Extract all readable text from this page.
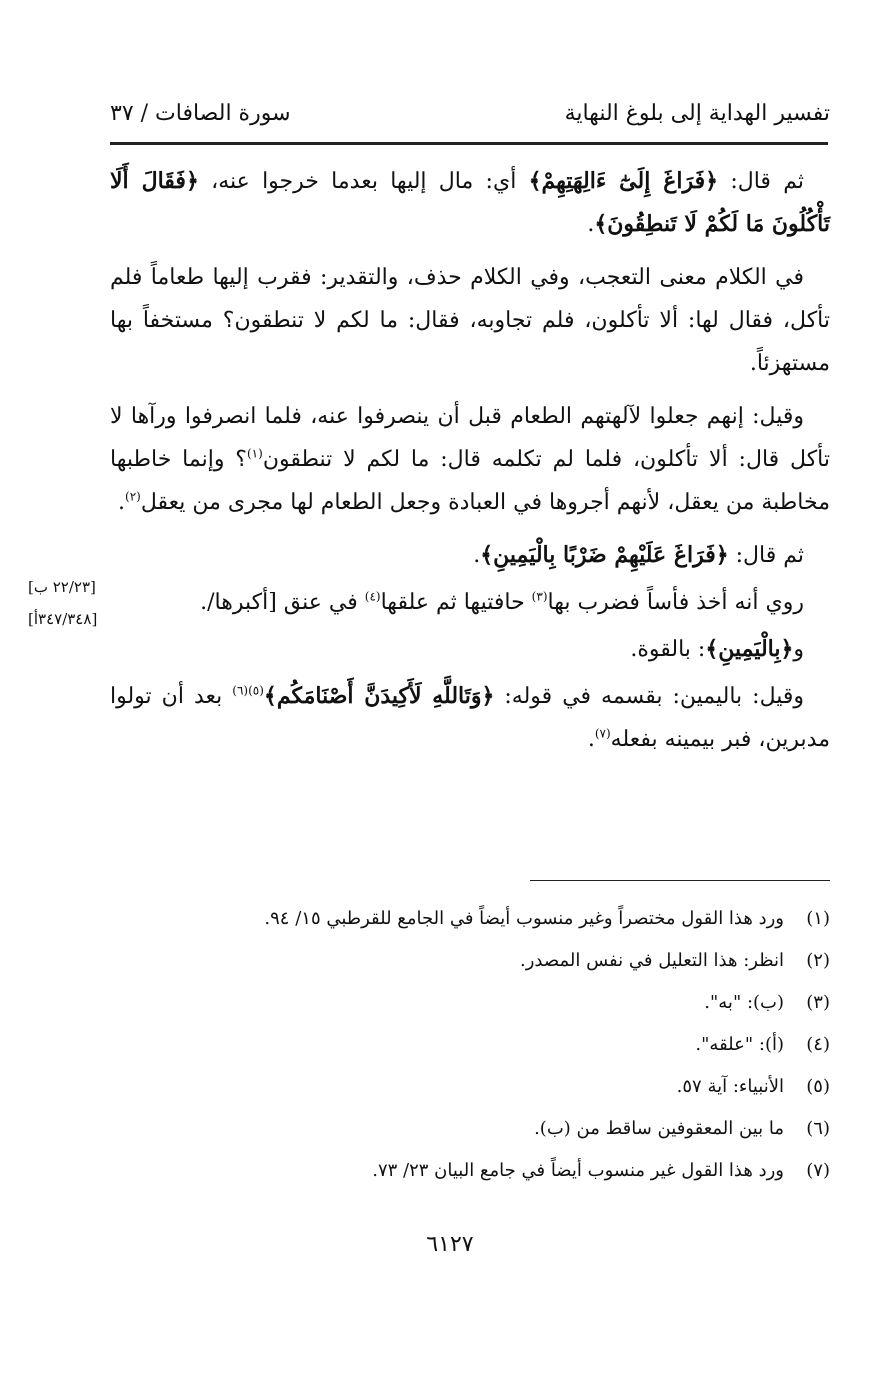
تفسير الهداية إلى بلوغ النهاية
سورة الصافات / ٣٧

ثم قال: ﴿فَرَاغَ إِلَىٰٓ ءَالِهَتِهِمْ﴾ أي: مال إليها بعدما خرجوا عنه، ﴿فَقَالَ أَلَا تَأْكُلُونَ مَا لَكُمْ لَا تَنطِقُونَ﴾.

في الكلام معنى التعجب، وفي الكلام حذف، والتقدير: فقرب إليها طعاماً فلم تأكل، فقال لها: ألا تأكلون، فلم تجاوبه، فقال: ما لكم لا تنطقون؟ مستخفاً بها مستهزئاً.

وقيل: إنهم جعلوا لآلهتهم الطعام قبل أن ينصرفوا عنه، فلما انصرفوا ورآها لا تأكل قال: ألا تأكلون، فلما لم تكلمه قال: ما لكم لا تنطقون$^{(١)}$؟ وإنما خاطبها مخاطبة من يعقل، لأنهم أجروها في العبادة وجعل الطعام لها مجرى من يعقل$^{(٢)}$.

ثم قال: ﴿فَرَاغَ عَلَيْهِمْ ضَرْبًا بِالْيَمِينِ﴾.

روي أنه أخذ فأساً فضرب بها$^{(٣)}$ حافتيها ثم علقها$^{(٤)}$ في عنق [أكبرها/.

و﴿بِالْيَمِينِ﴾: بالقوة.

وقيل: باليمين: بقسمه في قوله: ﴿وَتَاللَّهِ لَأَكِيدَنَّ أَصْنَامَكُم﴾$^{(٥)(٦)}$ بعد أن تولوا مدبرين، فبر بيمينه بفعله$^{(٧)}$.

[٢٢/٢٣ ب]
[٣٤٧/٣٤٨أ]
(١)
ورد هذا القول مختصراً وغير منسوب أيضاً في الجامع للقرطبي ١٥/ ٩٤.
(٢)
انظر: هذا التعليل في نفس المصدر.
(٣)
(ب): "به".
(٤)
(أ): "علقه".
(٥)
الأنبياء: آية ٥٧.
(٦)
ما بين المعقوفين ساقط من (ب).
(٧)
ورد هذا القول غير منسوب أيضاً في جامع البيان ٢٣/ ٧٣.
٦١٢٧
